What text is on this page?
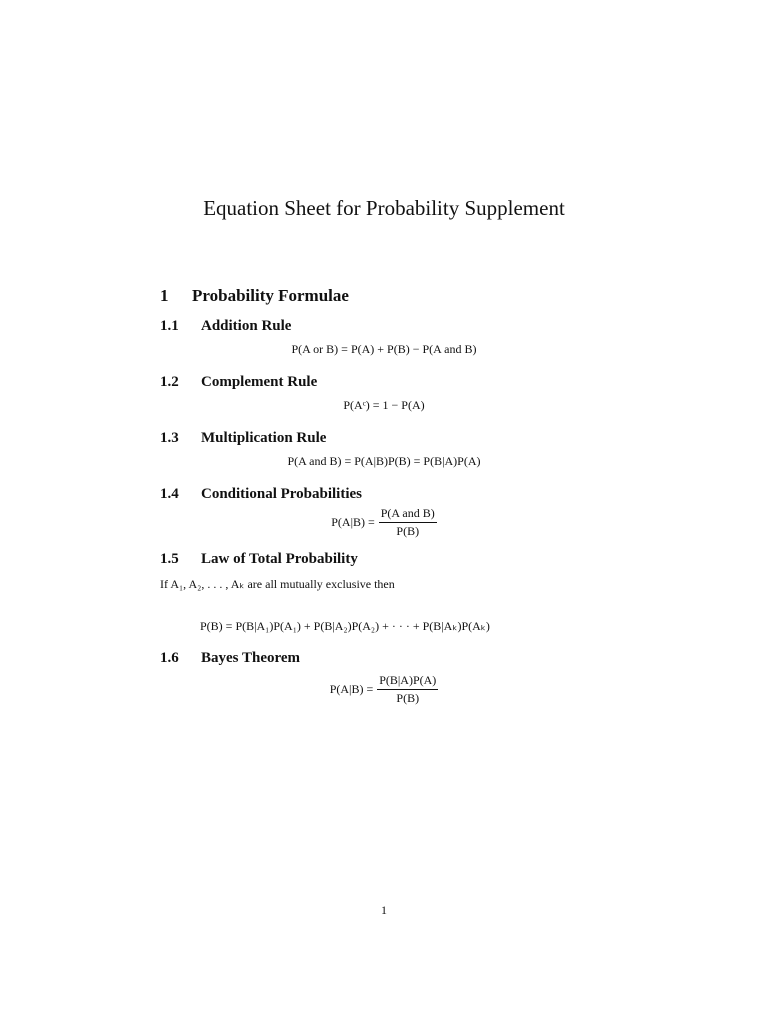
Equation Sheet for Probability Supplement
1 Probability Formulae
1.1 Addition Rule
P(A or B) = P(A) + P(B) − P(A and B)
1.2 Complement Rule
P(Aᶜ) = 1 − P(A)
1.3 Multiplication Rule
P(A and B) = P(A|B)P(B) = P(B|A)P(A)
1.4 Conditional Probabilities
$P(A|B) = \frac{\text{P(A and B)}}{P(B)}$
1.5 Law of Total Probability
If A₁, A₂, . . . , Aₖ are all mutually exclusive then
P(B) = P(B|A₁)P(A₁) + P(B|A₂)P(A₂) + · · · + P(B|Aₖ)P(Aₖ)
1.6 Bayes Theorem
$P(A|B) = \frac{P(B|A)P(A)}{P(B)}$
1
